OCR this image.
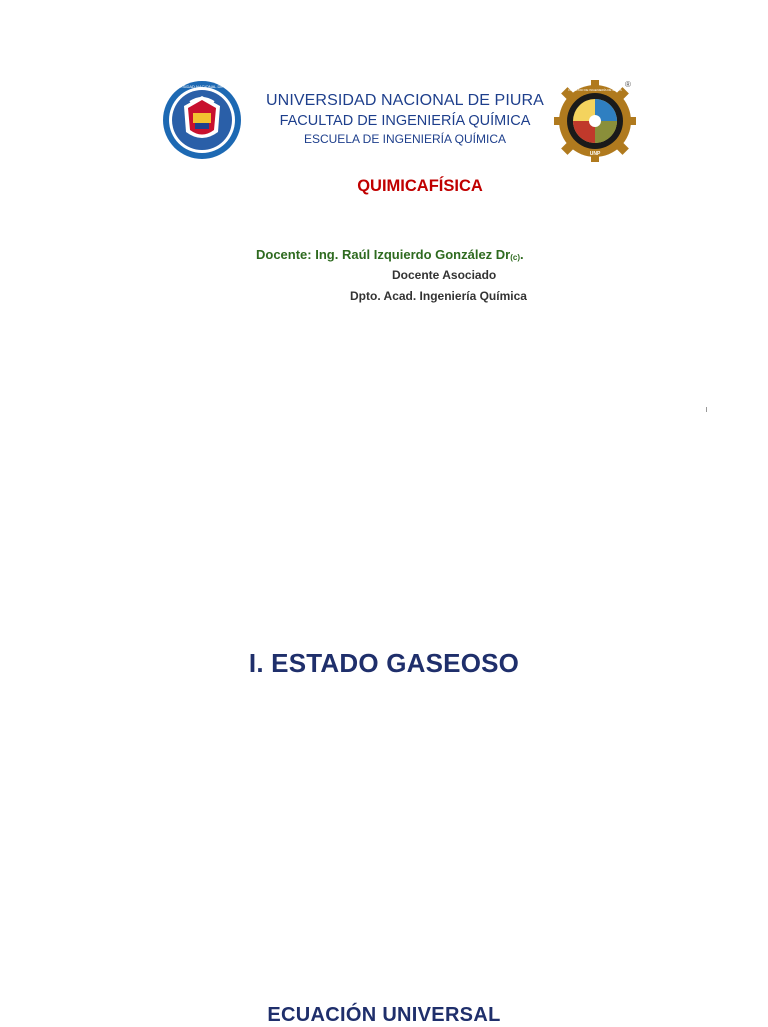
UNIVERSIDAD NACIONAL DE PIURA
UNIVERSIDAD NACIONAL DE PIURA
FACULTAD DE INGENIERÍA QUÍMICA
ESCUELA DE INGENIERÍA QUÍMICA
UNP
FACULTAD DE INGENIERÍA DE MINAS
®
QUIMICAFÍSICA
Docente: Ing. Raúl Izquierdo González $Dr_{(c)}$.
Docente Asociado
Dpto. Acad. Ingeniería Química
I. ESTADO GASEOSO
ECUACIÓN UNIVERSAL
